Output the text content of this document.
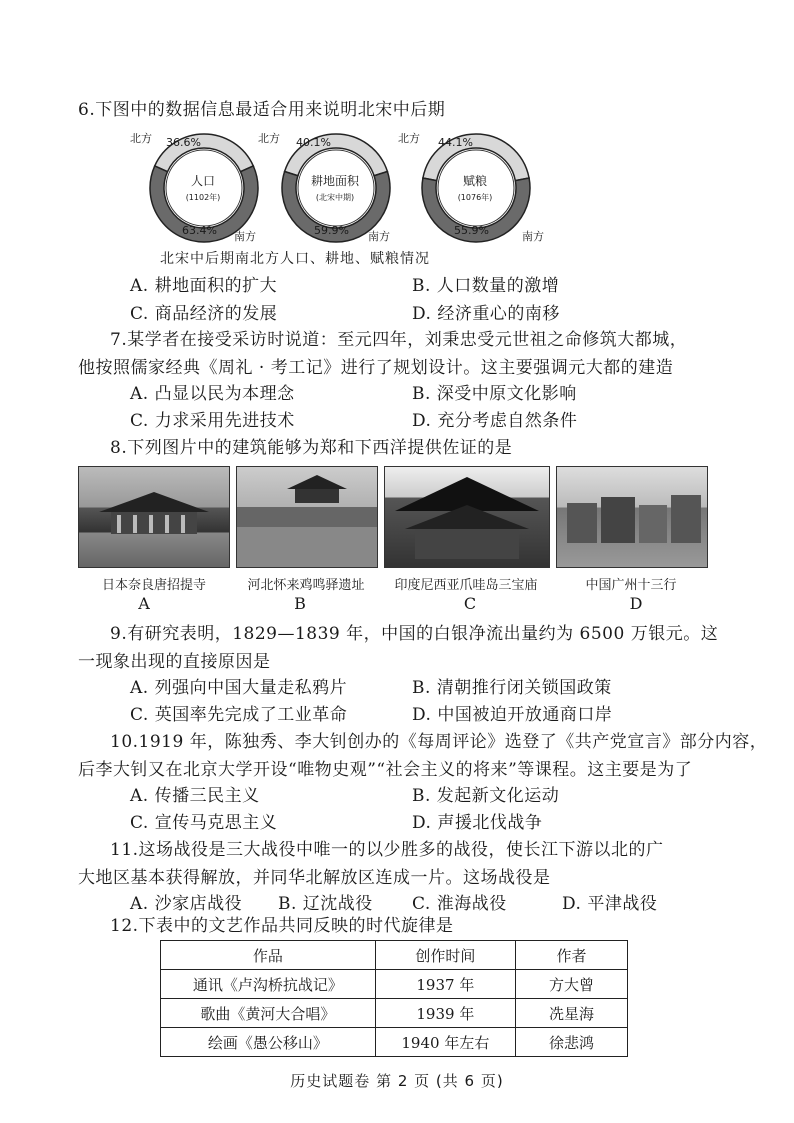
6.下图中的数据信息最适合用来说明北宋中后期
北方
南方
36.6%
63.4%
人口
(1102年)
北方
南方
40.1%
59.9%
耕地面积
(北宋中期)
北方
南方
44.1%
55.9%
赋粮
(1076年)
北宋中后期南北方人口、耕地、赋粮情况
A. 耕地面积的扩大	B. 人口数量的激增
C. 商品经济的发展	D. 经济重心的南移
7.某学者在接受采访时说道：至元四年，刘秉忠受元世祖之命修筑大都城，
他按照儒家经典《周礼 · 考工记》进行了规划设计。这主要强调元大都的建造
A. 凸显以民为本理念	B. 深受中原文化影响
C. 力求采用先进技术	D. 充分考虑自然条件
8.下列图片中的建筑能够为郑和下西洋提供佐证的是
日本奈良唐招提寺	河北怀来鸡鸣驿遗址	印度尼西亚爪哇岛三宝庙	中国广州十三行
A	B	C	D
9.有研究表明，1829—1839 年，中国的白银净流出量约为 6500 万银元。这
一现象出现的直接原因是
A. 列强向中国大量走私鸦片	B. 清朝推行闭关锁国政策
C. 英国率先完成了工业革命	D. 中国被迫开放通商口岸
10.1919 年，陈独秀、李大钊创办的《每周评论》选登了《共产党宣言》部分内容，
后李大钊又在北京大学开设“唯物史观”“社会主义的将来”等课程。这主要是为了
A. 传播三民主义	B. 发起新文化运动
C. 宣传马克思主义	D. 声援北伐战争
11.这场战役是三大战役中唯一的以少胜多的战役，使长江下游以北的广
大地区基本获得解放，并同华北解放区连成一片。这场战役是
A. 沙家店战役 B. 辽沈战役 C. 淮海战役	D. 平津战役
12.下表中的文艺作品共同反映的时代旋律是
作品	创作时间	作者
通讯《卢沟桥抗战记》	1937 年	方大曾
歌曲《黄河大合唱》	1939 年	冼星海
绘画《愚公移山》	1940 年左右	徐悲鸿
历史试题卷 第 2 页 (共 6 页)
